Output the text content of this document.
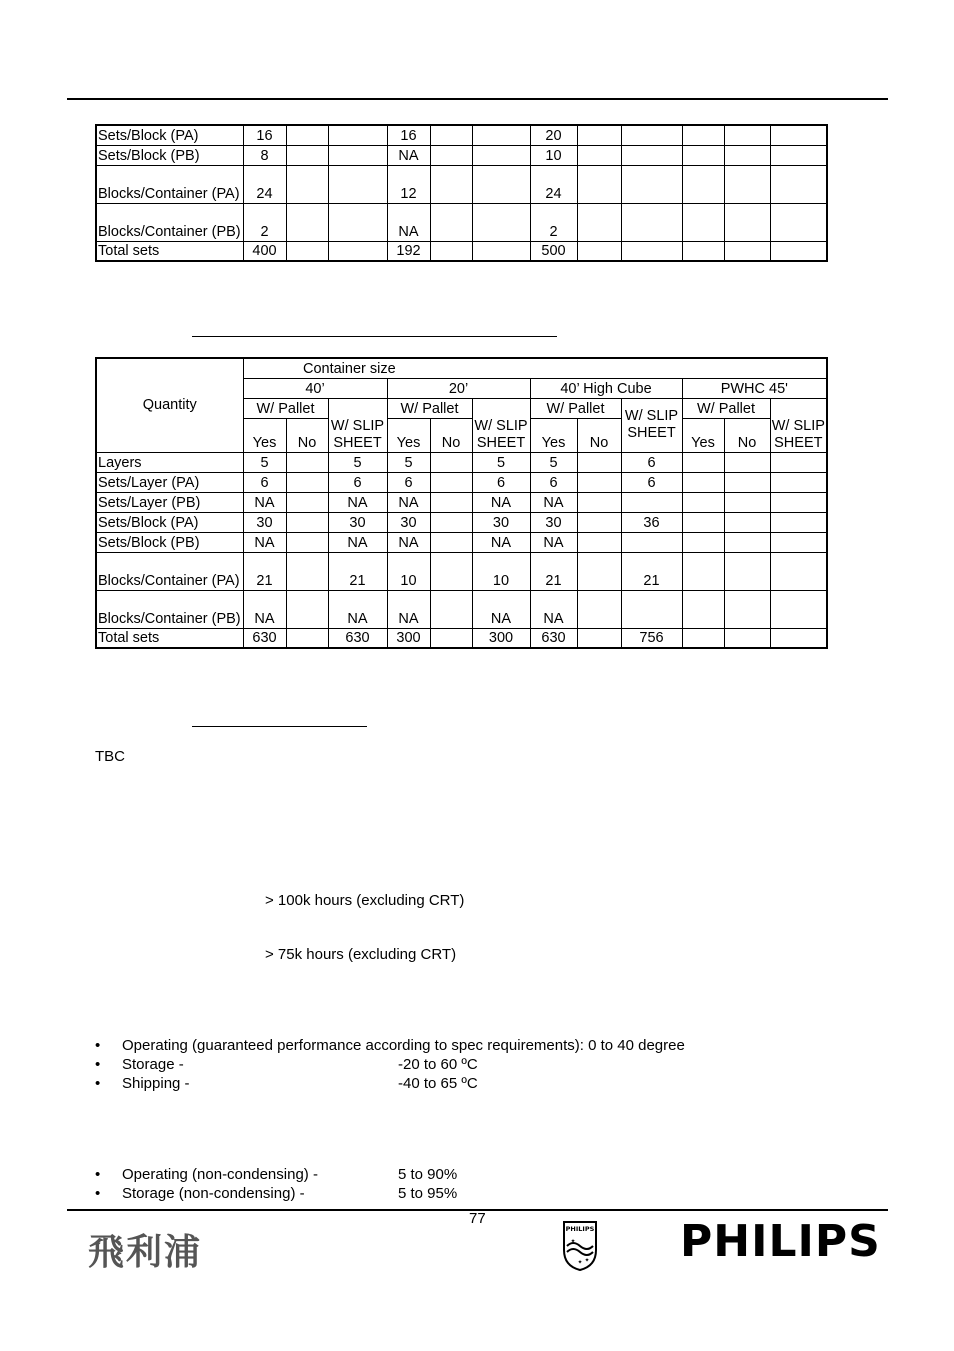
Sets/Block (PA)	16			16			20					
Sets/Block (PB)	8			NA			10					
Blocks/Container (PA)	24			12			24					
Blocks/Container (PB)	2			NA			2					
Total sets	400			192			500					
Quantity	Container size											
	40’			20’			40’ High Cube			PWHC 45'		
	W/ Pallet		W/ SLIP SHEET	W/ Pallet		W/ SLIP SHEET	W/ Pallet		W/ SLIP SHEET	W/ Pallet		W/ SLIP SHEET
	Yes	No		Yes	No		Yes	No		Yes	No	
Layers	5		5	5		5	5		6			
Sets/Layer (PA)	6		6	6		6	6		6			
Sets/Layer (PB)	NA		NA	NA		NA	NA					
Sets/Block (PA)	30		30	30		30	30		36			
Sets/Block (PB)	NA		NA	NA		NA	NA					
Blocks/Container (PA)	21		21	10		10	21		21			
Blocks/Container (PB)	NA		NA	NA		NA	NA					
Total sets	630		630	300		300	630		756			
TBC
> 100k hours (excluding CRT)
> 75k hours (excluding CRT)
• Operating (guaranteed performance according to spec requirements): 0 to 40 degree
• Storage -	-20 to 60 ºC
• Shipping -	-40 to 65 ºC
• Operating (non-condensing) -	5 to 90%
• Storage (non-condensing) -	5 to 95%
77
飛利浦
PHILIPS
✦
✦
✦ PHILIPS
